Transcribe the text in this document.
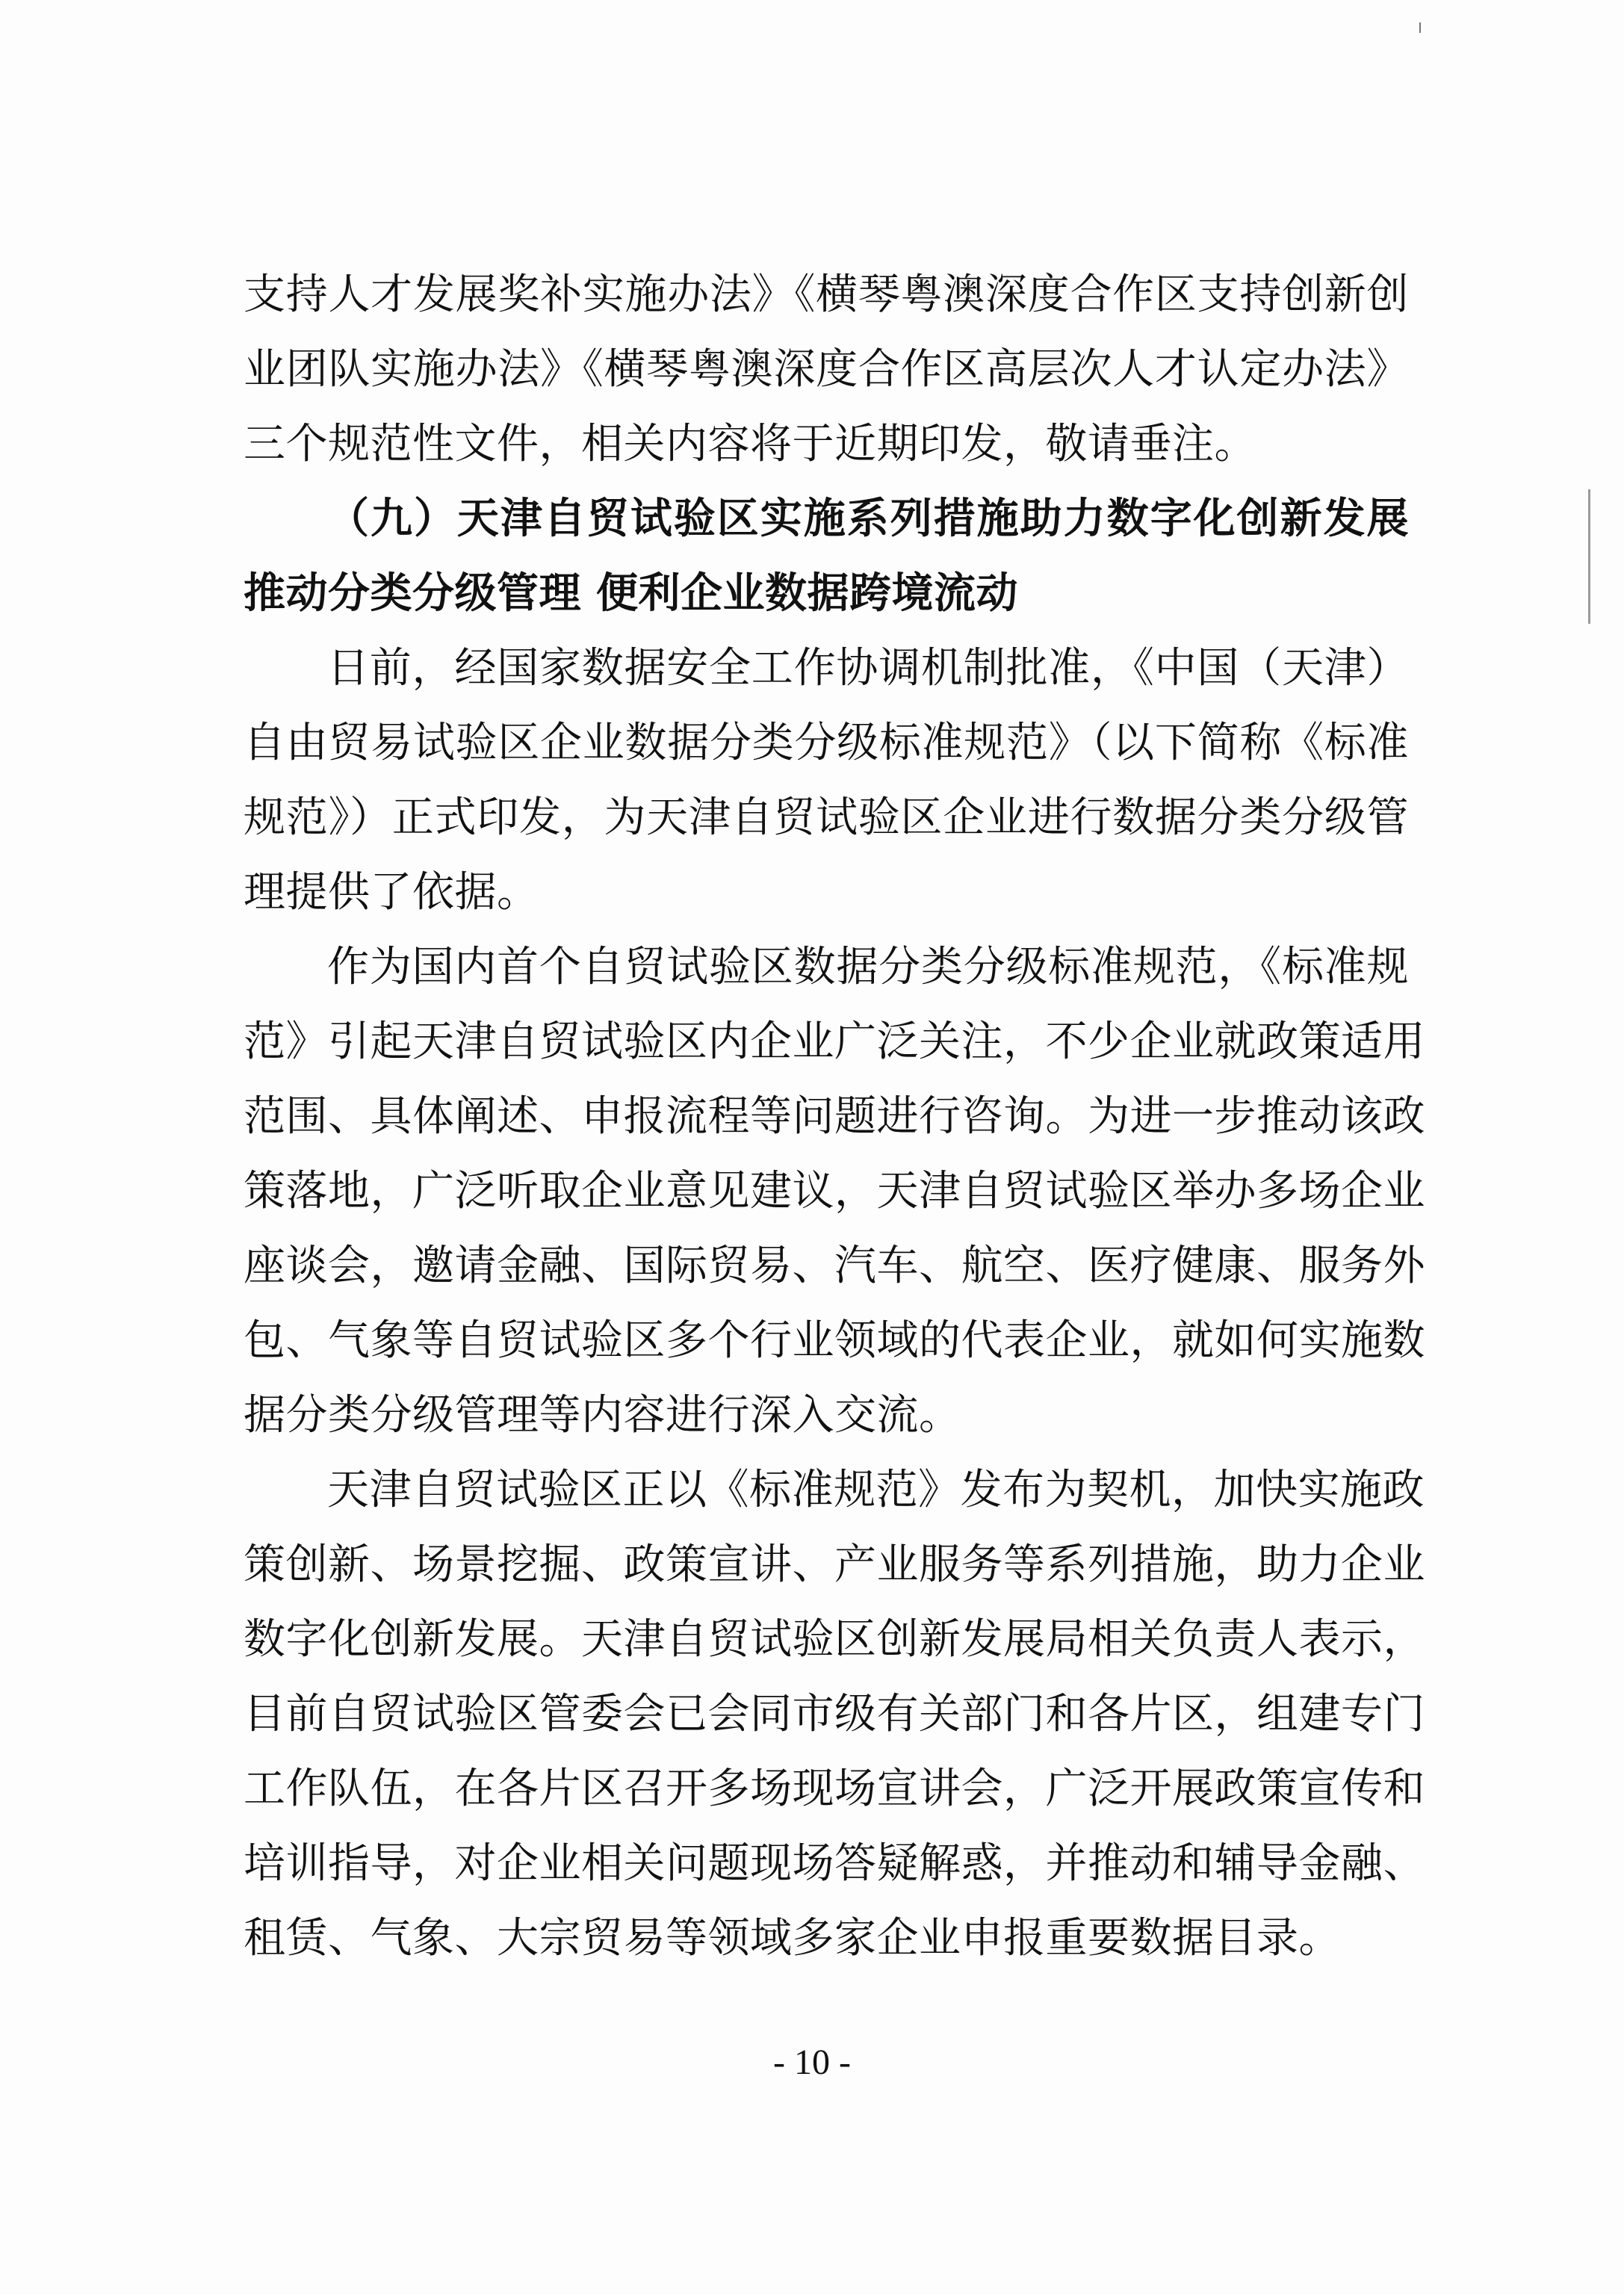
支持人才发展奖补实施办法》《横琴粤澳深度合作区支持创新创
业团队实施办法》《横琴粤澳深度合作区高层次人才认定办法》
三个规范性文件，相关内容将于近期印发，敬请垂注。
（九）天津自贸试验区实施系列措施助力数字化创新发展
推动分类分级管理 便利企业数据跨境流动
日前，经国家数据安全工作协调机制批准，《中国（天津）
自由贸易试验区企业数据分类分级标准规范》（以下简称《标准
规范》）正式印发，为天津自贸试验区企业进行数据分类分级管
理提供了依据。
作为国内首个自贸试验区数据分类分级标准规范，《标准规
范》引起天津自贸试验区内企业广泛关注，不少企业就政策适用
范围、具体阐述、申报流程等问题进行咨询。为进一步推动该政
策落地，广泛听取企业意见建议，天津自贸试验区举办多场企业
座谈会，邀请金融、国际贸易、汽车、航空、医疗健康、服务外
包、气象等自贸试验区多个行业领域的代表企业，就如何实施数
据分类分级管理等内容进行深入交流。
天津自贸试验区正以《标准规范》发布为契机，加快实施政
策创新、场景挖掘、政策宣讲、产业服务等系列措施，助力企业
数字化创新发展。天津自贸试验区创新发展局相关负责人表示，
目前自贸试验区管委会已会同市级有关部门和各片区，组建专门
工作队伍，在各片区召开多场现场宣讲会，广泛开展政策宣传和
培训指导，对企业相关问题现场答疑解惑，并推动和辅导金融、
租赁、气象、大宗贸易等领域多家企业申报重要数据目录。
- 10 -
